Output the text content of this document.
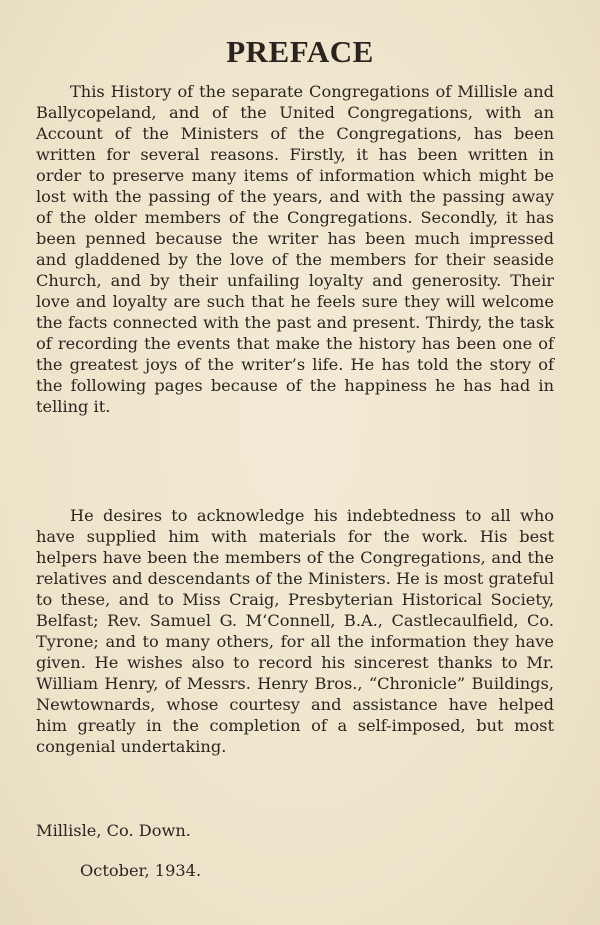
PREFACE

This History of the separate Congregations of Millisle and Ballycopeland, and of the United Congregations, with an Account of the Ministers of the Congregations, has been written for several reasons. Firstly, it has been written in order to preserve many items of information which might be lost with the passing of the years, and with the passing away of the older members of the Congregations. Secondly, it has been penned because the writer has been much impressed and gladdened by the love of the members for their seaside Church, and by their unfailing loyalty and generosity. Their love and loyalty are such that he feels sure they will welcome the facts connected with the past and present. Thirdy, the task of recording the events that make the history has been one of the greatest joys of the writer’s life. He has told the story of the following pages because of the happiness he has had in telling it.

He desires to acknowledge his indebtedness to all who have supplied him with materials for the work. His best helpers have been the members of the Congregations, and the relatives and descendants of the Ministers. He is most grateful to these, and to Miss Craig, Presbyterian Historical Society, Belfast; Rev. Samuel G. M‘Connell, B.A., Castlecaulfield, Co. Tyrone; and to many others, for all the information they have given. He wishes also to record his sincerest thanks to Mr. William Henry, of Messrs. Henry Bros., “Chronicle” Buildings, Newtownards, whose courtesy and assistance have helped him greatly in the completion of a self-imposed, but most congenial undertaking.

Millisle, Co. Down.

October, 1934.
